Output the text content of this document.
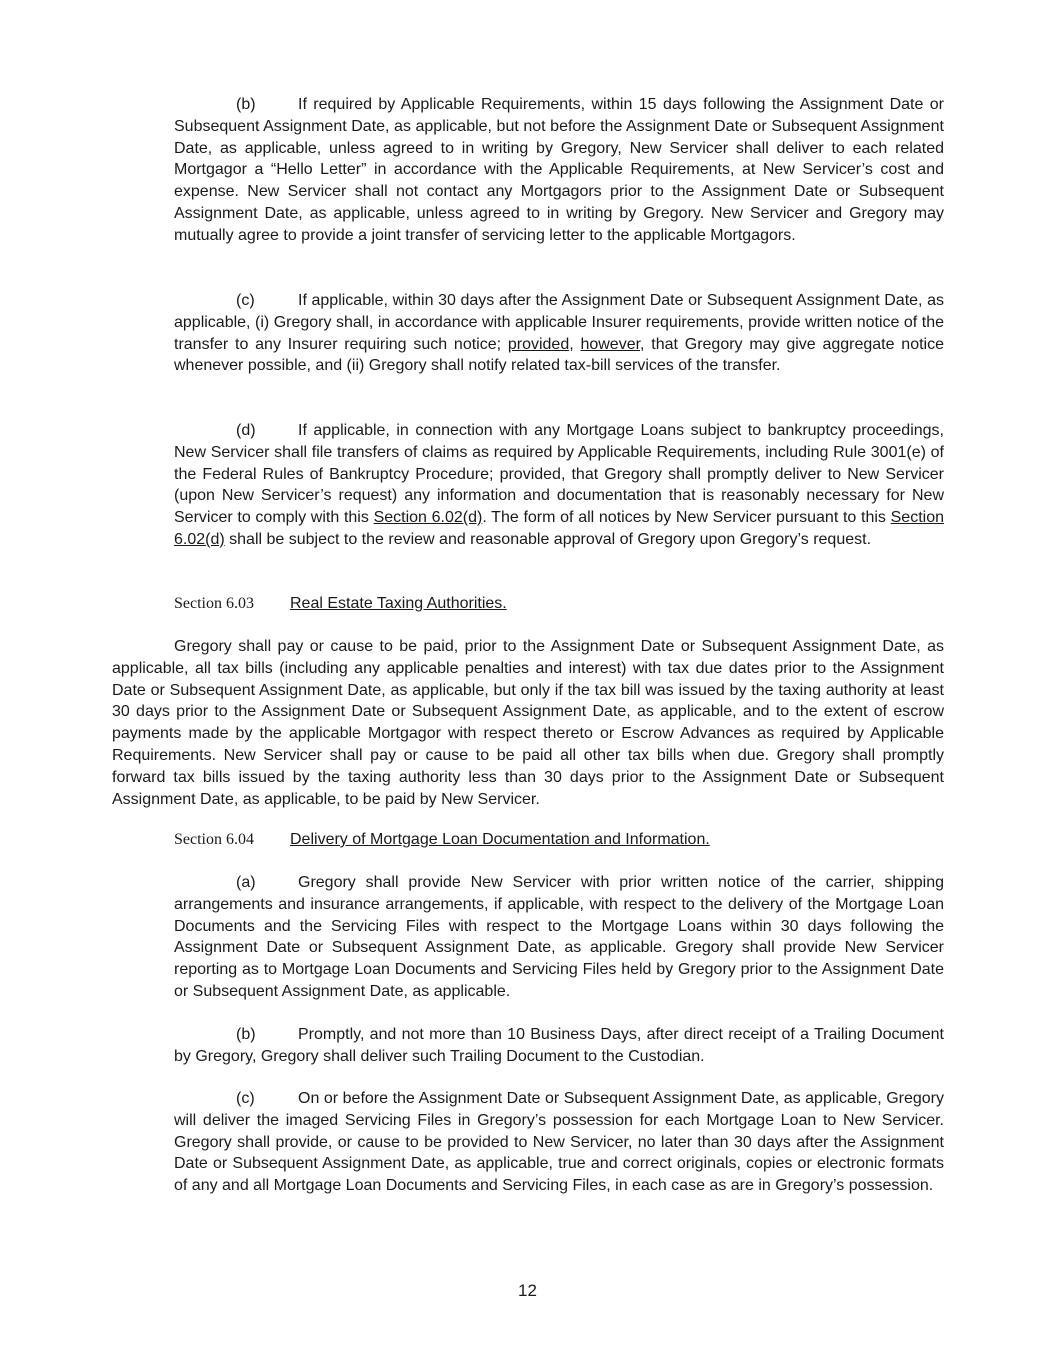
(b)	If required by Applicable Requirements, within 15 days following the Assignment Date or Subsequent Assignment Date, as applicable, but not before the Assignment Date or Subsequent Assignment Date, as applicable, unless agreed to in writing by Gregory, New Servicer shall deliver to each related Mortgagor a “Hello Letter” in accordance with the Applicable Requirements, at New Servicer’s cost and expense. New Servicer shall not contact any Mortgagors prior to the Assignment Date or Subsequent Assignment Date, as applicable, unless agreed to in writing by Gregory. New Servicer and Gregory may mutually agree to provide a joint transfer of servicing letter to the applicable Mortgagors.

(c)	If applicable, within 30 days after the Assignment Date or Subsequent Assignment Date, as applicable, (i) Gregory shall, in accordance with applicable Insurer requirements, provide written notice of the transfer to any Insurer requiring such notice; provided, however, that Gregory may give aggregate notice whenever possible, and (ii) Gregory shall notify related tax-bill services of the transfer.

(d)	If applicable, in connection with any Mortgage Loans subject to bankruptcy proceedings, New Servicer shall file transfers of claims as required by Applicable Requirements, including Rule 3001(e) of the Federal Rules of Bankruptcy Procedure; provided, that Gregory shall promptly deliver to New Servicer (upon New Servicer’s request) any information and documentation that is reasonably necessary for New Servicer to comply with this Section 6.02(d). The form of all notices by New Servicer pursuant to this Section 6.02(d) shall be subject to the review and reasonable approval of Gregory upon Gregory’s request.

Section 6.03 Real Estate Taxing Authorities.

Gregory shall pay or cause to be paid, prior to the Assignment Date or Subsequent Assignment Date, as applicable, all tax bills (including any applicable penalties and interest) with tax due dates prior to the Assignment Date or Subsequent Assignment Date, as applicable, but only if the tax bill was issued by the taxing authority at least 30 days prior to the Assignment Date or Subsequent Assignment Date, as applicable, and to the extent of escrow payments made by the applicable Mortgagor with respect thereto or Escrow Advances as required by Applicable Requirements. New Servicer shall pay or cause to be paid all other tax bills when due. Gregory shall promptly forward tax bills issued by the taxing authority less than 30 days prior to the Assignment Date or Subsequent Assignment Date, as applicable, to be paid by New Servicer.

Section 6.04 Delivery of Mortgage Loan Documentation and Information.

(a)	Gregory shall provide New Servicer with prior written notice of the carrier, shipping arrangements and insurance arrangements, if applicable, with respect to the delivery of the Mortgage Loan Documents and the Servicing Files with respect to the Mortgage Loans within 30 days following the Assignment Date or Subsequent Assignment Date, as applicable. Gregory shall provide New Servicer reporting as to Mortgage Loan Documents and Servicing Files held by Gregory prior to the Assignment Date or Subsequent Assignment Date, as applicable.

(b)	Promptly, and not more than 10 Business Days, after direct receipt of a Trailing Document by Gregory, Gregory shall deliver such Trailing Document to the Custodian.

(c)	On or before the Assignment Date or Subsequent Assignment Date, as applicable, Gregory will deliver the imaged Servicing Files in Gregory’s possession for each Mortgage Loan to New Servicer. Gregory shall provide, or cause to be provided to New Servicer, no later than 30 days after the Assignment Date or Subsequent Assignment Date, as applicable, true and correct originals, copies or electronic formats of any and all Mortgage Loan Documents and Servicing Files, in each case as are in Gregory’s possession.

12
